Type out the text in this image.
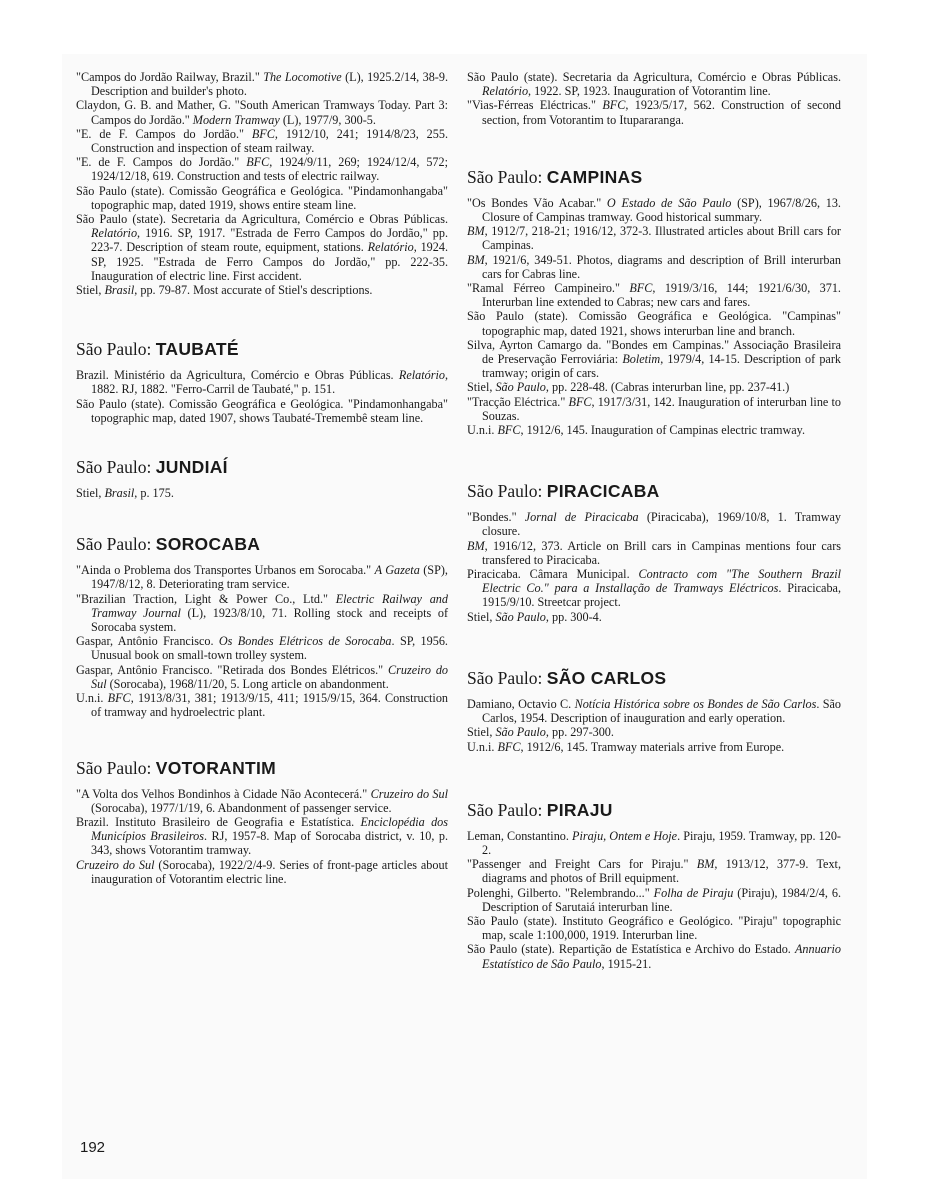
"Campos do Jordão Railway, Brazil." The Locomotive (L), 1925.2/14, 38-9. Description and builder's photo.

Claydon, G. B. and Mather, G. "South American Tramways Today. Part 3: Campos do Jordão." Modern Tramway (L), 1977/9, 300-5.

"E. de F. Campos do Jordão." BFC, 1912/10, 241; 1914/8/23, 255. Construction and inspection of steam railway.

"E. de F. Campos do Jordão." BFC, 1924/9/11, 269; 1924/12/4, 572; 1924/12/18, 619. Construction and tests of electric railway.

São Paulo (state). Comissão Geográfica e Geológica. "Pindamonhangaba" topographic map, dated 1919, shows entire steam line.

São Paulo (state). Secretaria da Agricultura, Comércio e Obras Públicas. Relatório, 1916. SP, 1917. "Estrada de Ferro Campos do Jordão," pp. 223-7. Description of steam route, equipment, stations. Relatório, 1924. SP, 1925. "Estrada de Ferro Campos do Jordão," pp. 222-35. Inauguration of electric line. First accident.

Stiel, Brasil, pp. 79-87. Most accurate of Stiel's descriptions.

São Paulo: TAUBATÉ

Brazil. Ministério da Agricultura, Comércio e Obras Públicas. Relatório, 1882. RJ, 1882. "Ferro-Carril de Taubaté," p. 151.

São Paulo (state). Comissão Geográfica e Geológica. "Pindamonhangaba" topographic map, dated 1907, shows Taubaté-Tremembê steam line.

São Paulo: JUNDIAÍ

Stiel, Brasil, p. 175.

São Paulo: SOROCABA

"Ainda o Problema dos Transportes Urbanos em Sorocaba." A Gazeta (SP), 1947/8/12, 8. Deteriorating tram service.

"Brazilian Traction, Light & Power Co., Ltd." Electric Railway and Tramway Journal (L), 1923/8/10, 71. Rolling stock and receipts of Sorocaba system.

Gaspar, Antônio Francisco. Os Bondes Elétricos de Sorocaba. SP, 1956. Unusual book on small-town trolley system.

Gaspar, Antônio Francisco. "Retirada dos Bondes Elétricos." Cruzeiro do Sul (Sorocaba), 1968/11/20, 5. Long article on abandonment.

U.n.i. BFC, 1913/8/31, 381; 1913/9/15, 411; 1915/9/15, 364. Construction of tramway and hydroelectric plant.

São Paulo: VOTORANTIM

"A Volta dos Velhos Bondinhos à Cidade Não Acontecerá." Cruzeiro do Sul (Sorocaba), 1977/1/19, 6. Abandonment of passenger service.

Brazil. Instituto Brasileiro de Geografia e Estatística. Enciclopédia dos Municípios Brasileiros. RJ, 1957-8. Map of Sorocaba district, v. 10, p. 343, shows Votorantim tramway.

Cruzeiro do Sul (Sorocaba), 1922/2/4-9. Series of front-page articles about inauguration of Votorantim electric line.

São Paulo (state). Secretaria da Agricultura, Comércio e Obras Públicas. Relatório, 1922. SP, 1923. Inauguration of Votorantim line.

"Vias-Férreas Eléctricas." BFC, 1923/5/17, 562. Construction of second section, from Votorantim to Itupararanga.

São Paulo: CAMPINAS

"Os Bondes Vão Acabar." O Estado de São Paulo (SP), 1967/8/26, 13. Closure of Campinas tramway. Good historical summary.

BM, 1912/7, 218-21; 1916/12, 372-3. Illustrated articles about Brill cars for Campinas.

BM, 1921/6, 349-51. Photos, diagrams and description of Brill interurban cars for Cabras line.

"Ramal Férreo Campineiro." BFC, 1919/3/16, 144; 1921/6/30, 371. Interurban line extended to Cabras; new cars and fares.

São Paulo (state). Comissão Geográfica e Geológica. "Campinas" topographic map, dated 1921, shows interurban line and branch.

Silva, Ayrton Camargo da. "Bondes em Campinas." Associação Brasileira de Preservação Ferroviária: Boletim, 1979/4, 14-15. Description of park tramway; origin of cars.

Stiel, São Paulo, pp. 228-48. (Cabras interurban line, pp. 237-41.)

"Tracção Eléctrica." BFC, 1917/3/31, 142. Inauguration of interurban line to Souzas.

U.n.i. BFC, 1912/6, 145. Inauguration of Campinas electric tramway.

São Paulo: PIRACICABA

"Bondes." Jornal de Piracicaba (Piracicaba), 1969/10/8, 1. Tramway closure.

BM, 1916/12, 373. Article on Brill cars in Campinas mentions four cars transfered to Piracicaba.

Piracicaba. Câmara Municipal. Contracto com "The Southern Brazil Electric Co." para a Installação de Tramways Eléctricos. Piracicaba, 1915/9/10. Streetcar project.

Stiel, São Paulo, pp. 300-4.

São Paulo: SÃO CARLOS

Damiano, Octavio C. Notícia Histórica sobre os Bondes de São Carlos. São Carlos, 1954. Description of inauguration and early operation.

Stiel, São Paulo, pp. 297-300.

U.n.i. BFC, 1912/6, 145. Tramway materials arrive from Europe.

São Paulo: PIRAJU

Leman, Constantino. Piraju, Ontem e Hoje. Piraju, 1959. Tramway, pp. 120-2.

"Passenger and Freight Cars for Piraju." BM, 1913/12, 377-9. Text, diagrams and photos of Brill equipment.

Polenghi, Gilberto. "Relembrando..." Folha de Piraju (Piraju), 1984/2/4, 6. Description of Sarutaiá interurban line.

São Paulo (state). Instituto Geográfico e Geológico. "Piraju" topographic map, scale 1:100,000, 1919. Interurban line.

São Paulo (state). Repartição de Estatística e Archivo do Estado. Annuario Estatístico de São Paulo, 1915-21.

192
